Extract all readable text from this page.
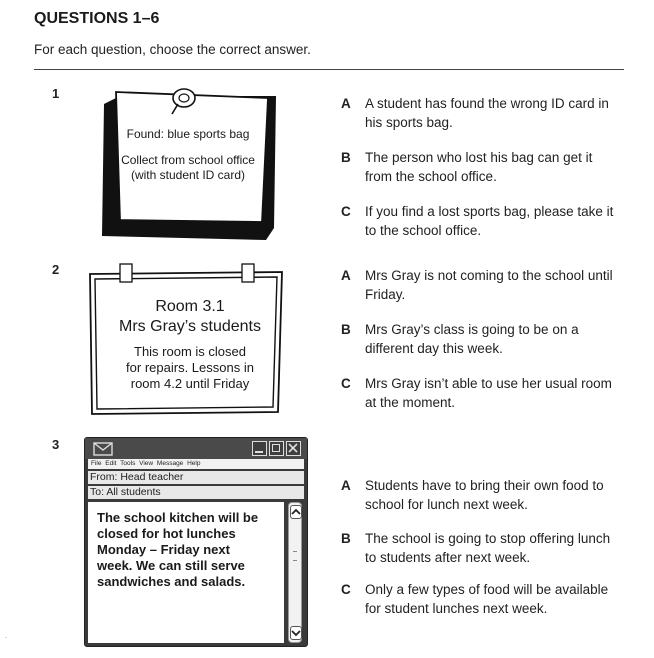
QUESTIONS 1–6
For each question, choose the correct answer.
1
Found: blue sports bag
Collect from school office
(with student ID card)
A A student has found the wrong ID card in his sports bag.
B The person who lost his bag can get it from the school office.
C If you find a lost sports bag, please take it to the school office.
2
Room 3.1
Mrs Gray’s students
This room is closed
for repairs. Lessons in
room 4.2 until Friday
A Mrs Gray is not coming to the school until Friday.
B Mrs Gray’s class is going to be on a different day this week.
C Mrs Gray isn’t able to use her usual room at the moment.
3
File Edit Tools View Message Help
From: Head teacher
To: All students
The school kitchen will be
closed for hot lunches
Monday – Friday next
week. We can still serve
sandwiches and salads.
A Students have to bring their own food to school for lunch next week.
B The school is going to stop offering lunch to students after next week.
C Only a few types of food will be available for student lunches next week.
.
